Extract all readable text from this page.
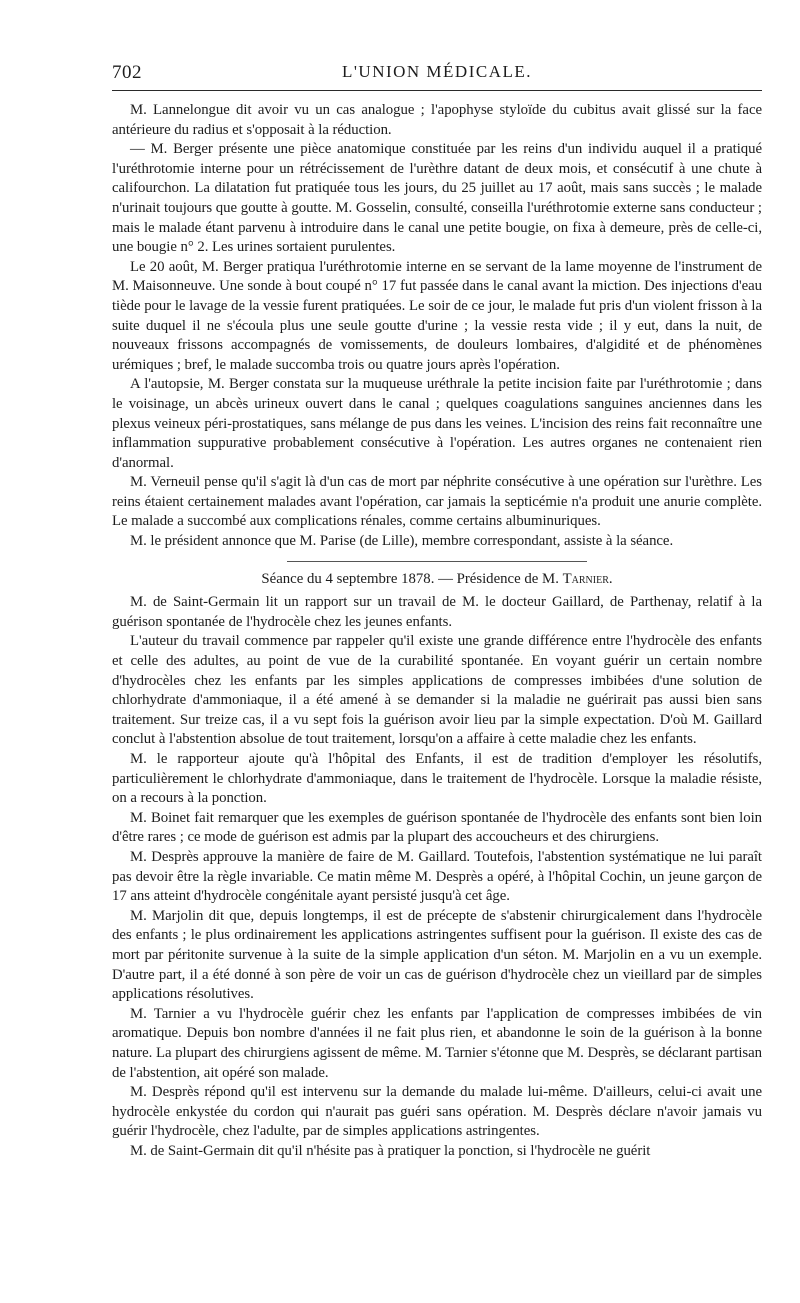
702	L'UNION MÉDICALE.

M. Lannelongue dit avoir vu un cas analogue ; l'apophyse styloïde du cubitus avait glissé sur la face antérieure du radius et s'opposait à la réduction.

— M. Berger présente une pièce anatomique constituée par les reins d'un individu auquel il a pratiqué l'uréthrotomie interne pour un rétrécissement de l'urèthre datant de deux mois, et consécutif à une chute à califourchon. La dilatation fut pratiquée tous les jours, du 25 juillet au 17 août, mais sans succès ; le malade n'urinait toujours que goutte à goutte. M. Gosselin, consulté, conseilla l'uréthrotomie externe sans conducteur ; mais le malade étant parvenu à introduire dans le canal une petite bougie, on fixa à demeure, près de celle-ci, une bougie n° 2. Les urines sortaient purulentes.

Le 20 août, M. Berger pratiqua l'uréthrotomie interne en se servant de la lame moyenne de l'instrument de M. Maisonneuve. Une sonde à bout coupé n° 17 fut passée dans le canal avant la miction. Des injections d'eau tiède pour le lavage de la vessie furent pratiquées. Le soir de ce jour, le malade fut pris d'un violent frisson à la suite duquel il ne s'écoula plus une seule goutte d'urine ; la vessie resta vide ; il y eut, dans la nuit, de nouveaux frissons accompagnés de vomissements, de douleurs lombaires, d'algidité et de phénomènes urémiques ; bref, le malade succomba trois ou quatre jours après l'opération.

A l'autopsie, M. Berger constata sur la muqueuse uréthrale la petite incision faite par l'uréthrotomie ; dans le voisinage, un abcès urineux ouvert dans le canal ; quelques coagulations sanguines anciennes dans les plexus veineux péri-prostatiques, sans mélange de pus dans les veines. L'incision des reins fait reconnaître une inflammation suppurative probablement consécutive à l'opération. Les autres organes ne contenaient rien d'anormal.

M. Verneuil pense qu'il s'agit là d'un cas de mort par néphrite consécutive à une opération sur l'urèthre. Les reins étaient certainement malades avant l'opération, car jamais la septicémie n'a produit une anurie complète. Le malade a succombé aux complications rénales, comme certains albuminuriques.

M. le président annonce que M. Parise (de Lille), membre correspondant, assiste à la séance.

Séance du 4 septembre 1878. — Présidence de M. Tarnier.

M. de Saint-Germain lit un rapport sur un travail de M. le docteur Gaillard, de Parthenay, relatif à la guérison spontanée de l'hydrocèle chez les jeunes enfants.

L'auteur du travail commence par rappeler qu'il existe une grande différence entre l'hydrocèle des enfants et celle des adultes, au point de vue de la curabilité spontanée. En voyant guérir un certain nombre d'hydrocèles chez les enfants par les simples applications de compresses imbibées d'une solution de chlorhydrate d'ammoniaque, il a été amené à se demander si la maladie ne guérirait pas aussi bien sans traitement. Sur treize cas, il a vu sept fois la guérison avoir lieu par la simple expectation. D'où M. Gaillard conclut à l'abstention absolue de tout traitement, lorsqu'on a affaire à cette maladie chez les enfants.

M. le rapporteur ajoute qu'à l'hôpital des Enfants, il est de tradition d'employer les résolutifs, particulièrement le chlorhydrate d'ammoniaque, dans le traitement de l'hydrocèle. Lorsque la maladie résiste, on a recours à la ponction.

M. Boinet fait remarquer que les exemples de guérison spontanée de l'hydrocèle des enfants sont bien loin d'être rares ; ce mode de guérison est admis par la plupart des accoucheurs et des chirurgiens.

M. Desprès approuve la manière de faire de M. Gaillard. Toutefois, l'abstention systématique ne lui paraît pas devoir être la règle invariable. Ce matin même M. Desprès a opéré, à l'hôpital Cochin, un jeune garçon de 17 ans atteint d'hydrocèle congénitale ayant persisté jusqu'à cet âge.

M. Marjolin dit que, depuis longtemps, il est de précepte de s'abstenir chirurgicalement dans l'hydrocèle des enfants ; le plus ordinairement les applications astringentes suffisent pour la guérison. Il existe des cas de mort par péritonite survenue à la suite de la simple application d'un séton. M. Marjolin en a vu un exemple. D'autre part, il a été donné à son père de voir un cas de guérison d'hydrocèle chez un vieillard par de simples applications résolutives.

M. Tarnier a vu l'hydrocèle guérir chez les enfants par l'application de compresses imbibées de vin aromatique. Depuis bon nombre d'années il ne fait plus rien, et abandonne le soin de la guérison à la bonne nature. La plupart des chirurgiens agissent de même. M. Tarnier s'étonne que M. Desprès, se déclarant partisan de l'abstention, ait opéré son malade.

M. Desprès répond qu'il est intervenu sur la demande du malade lui-même. D'ailleurs, celui-ci avait une hydrocèle enkystée du cordon qui n'aurait pas guéri sans opération. M. Desprès déclare n'avoir jamais vu guérir l'hydrocèle, chez l'adulte, par de simples applications astringentes.

M. de Saint-Germain dit qu'il n'hésite pas à pratiquer la ponction, si l'hydrocèle ne guérit
